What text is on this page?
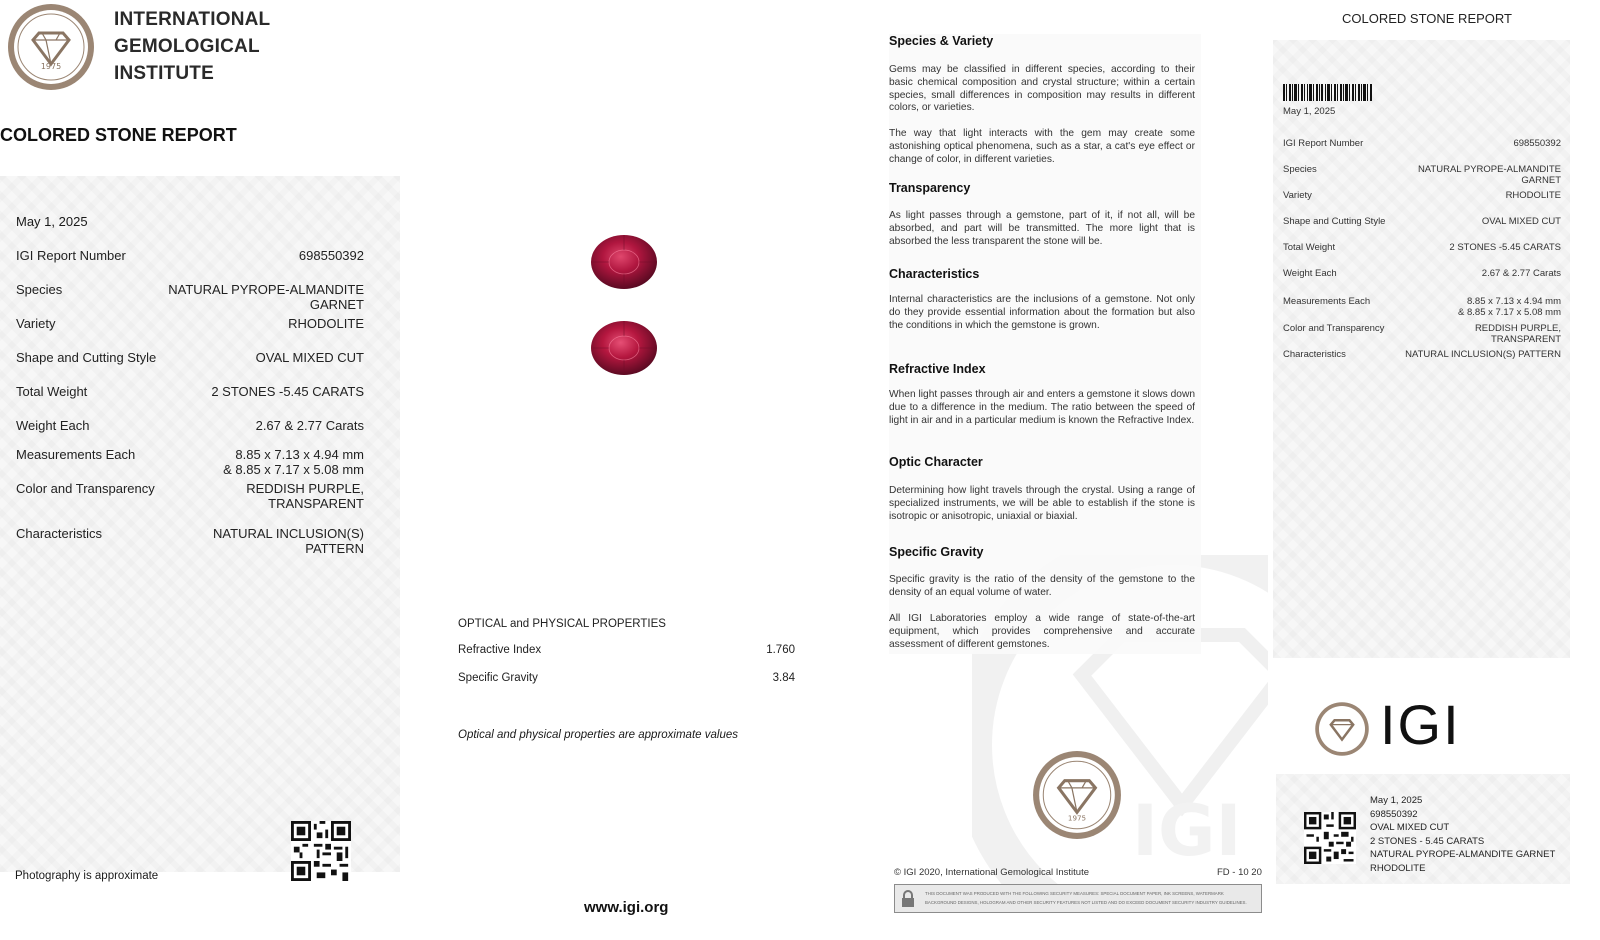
1975
INTERNATIONAL
GEMOLOGICAL
INSTITUTE
COLORED STONE REPORT
May 1, 2025
IGI Report Number	698550392
Species	NATURAL PYROPE-ALMANDITE
GARNET
Variety	RHODOLITE
Shape and Cutting Style	OVAL MIXED CUT
Total Weight	2 STONES -5.45 CARATS
Weight Each	2.67 & 2.77 Carats
Measurements Each	8.85 x 7.13 x 4.94 mm
& 8.85 x 7.17 x 5.08 mm
Color and Transparency	REDDISH PURPLE,
TRANSPARENT
Characteristics	NATURAL INCLUSION(S)
PATTERN
Photography is approximate
OPTICAL and PHYSICAL PROPERTIES
Refractive Index	1.760
Specific Gravity	3.84
Optical and physical properties are approximate values
www.igi.org
IGI
Species & Variety
Gems may be classified in different species, according to their basic chemical composition and crystal structure; within a certain species, small differences in composition may results in different colors, or varieties.
The way that light interacts with the gem may create some astonishing optical phenomena, such as a star, a cat's eye effect or change of color, in different varieties.
Transparency
As light passes through a gemstone, part of it, if not all, will be absorbed, and part will be transmitted. The more light that is absorbed the less transparent the stone will be.
Characteristics
Internal characteristics are the inclusions of a gemstone. Not only do they provide essential information about the formation but also the conditions in which the gemstone is grown.
Refractive Index
When light passes through air and enters a gemstone it slows down due to a difference in the medium. The ratio between the speed of light in air and in a particular medium is known the Refractive Index.
Optic Character
Determining how light travels through the crystal. Using a range of specialized instruments, we will be able to establish if the stone is isotropic or anisotropic, uniaxial or biaxial.
Specific Gravity
Specific gravity is the ratio of the density of the gemstone to the density of an equal volume of water.
All IGI Laboratories employ a wide range of state-of-the-art equipment, which provides comprehensive and accurate assessment of different gemstones.
1975
© IGI 2020, International Gemological Institute	FD - 10 20
THIS DOCUMENT WAS PRODUCED WITH THE FOLLOWING SECURITY MEASURES: SPECIAL DOCUMENT PAPER, INK SCREENS, WATERMARK
BACKGROUND DESIGNS, HOLOGRAM AND OTHER SECURITY FEATURES NOT LISTED AND DO EXCEED DOCUMENT SECURITY INDUSTRY GUIDELINES.
COLORED STONE REPORT
May 1, 2025
IGI Report Number	698550392
Species	NATURAL PYROPE-ALMANDITE
GARNET
Variety	RHODOLITE
Shape and Cutting Style	OVAL MIXED CUT
Total Weight	2 STONES -5.45 CARATS
Weight Each	2.67 & 2.77 Carats
Measurements Each	8.85 x 7.13 x 4.94 mm
& 8.85 x 7.17 x 5.08 mm
Color and Transparency	REDDISH PURPLE,
TRANSPARENT
Characteristics	NATURAL INCLUSION(S) PATTERN
IGI
May 1, 2025
698550392
OVAL MIXED CUT
2 STONES - 5.45 CARATS
NATURAL PYROPE-ALMANDITE GARNET
RHODOLITE
